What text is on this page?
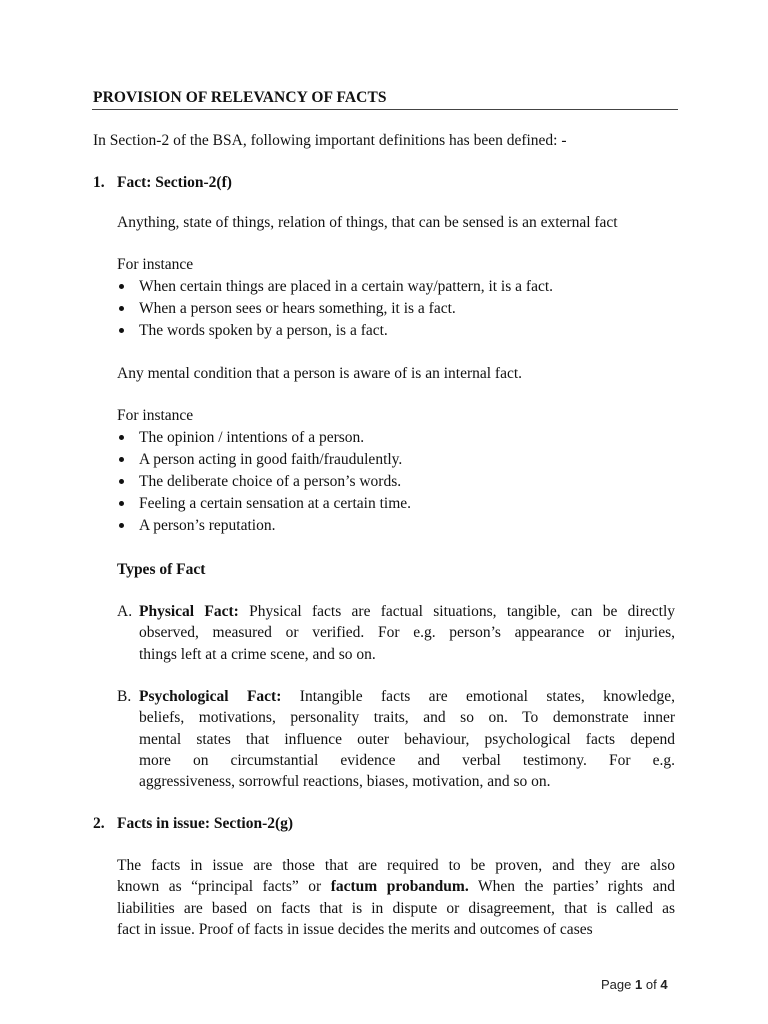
PROVISION OF RELEVANCY OF FACTS
In Section-2 of the BSA, following important definitions has been defined: -
1. Fact: Section-2(f)
Anything, state of things, relation of things, that can be sensed is an external fact
For instance
When certain things are placed in a certain way/pattern, it is a fact.
When a person sees or hears something, it is a fact.
The words spoken by a person, is a fact.
Any mental condition that a person is aware of is an internal fact.
For instance
The opinion / intentions of a person.
A person acting in good faith/fraudulently.
The deliberate choice of a person’s words.
Feeling a certain sensation at a certain time.
A person’s reputation.
Types of Fact
A. Physical Fact: Physical facts are factual situations, tangible, can be directly
observed, measured or verified. For e.g. person’s appearance or injuries,
things left at a crime scene, and so on.
B. Psychological Fact: Intangible facts are emotional states, knowledge,
beliefs, motivations, personality traits, and so on. To demonstrate inner
mental states that influence outer behaviour, psychological facts depend
more on circumstantial evidence and verbal testimony. For e.g.
aggressiveness, sorrowful reactions, biases, motivation, and so on.
2. Facts in issue: Section-2(g)
The facts in issue are those that are required to be proven, and they are also
known as “principal facts” or factum probandum. When the parties’ rights and
liabilities are based on facts that is in dispute or disagreement, that is called as
fact in issue. Proof of facts in issue decides the merits and outcomes of cases
Page 1 of 4
